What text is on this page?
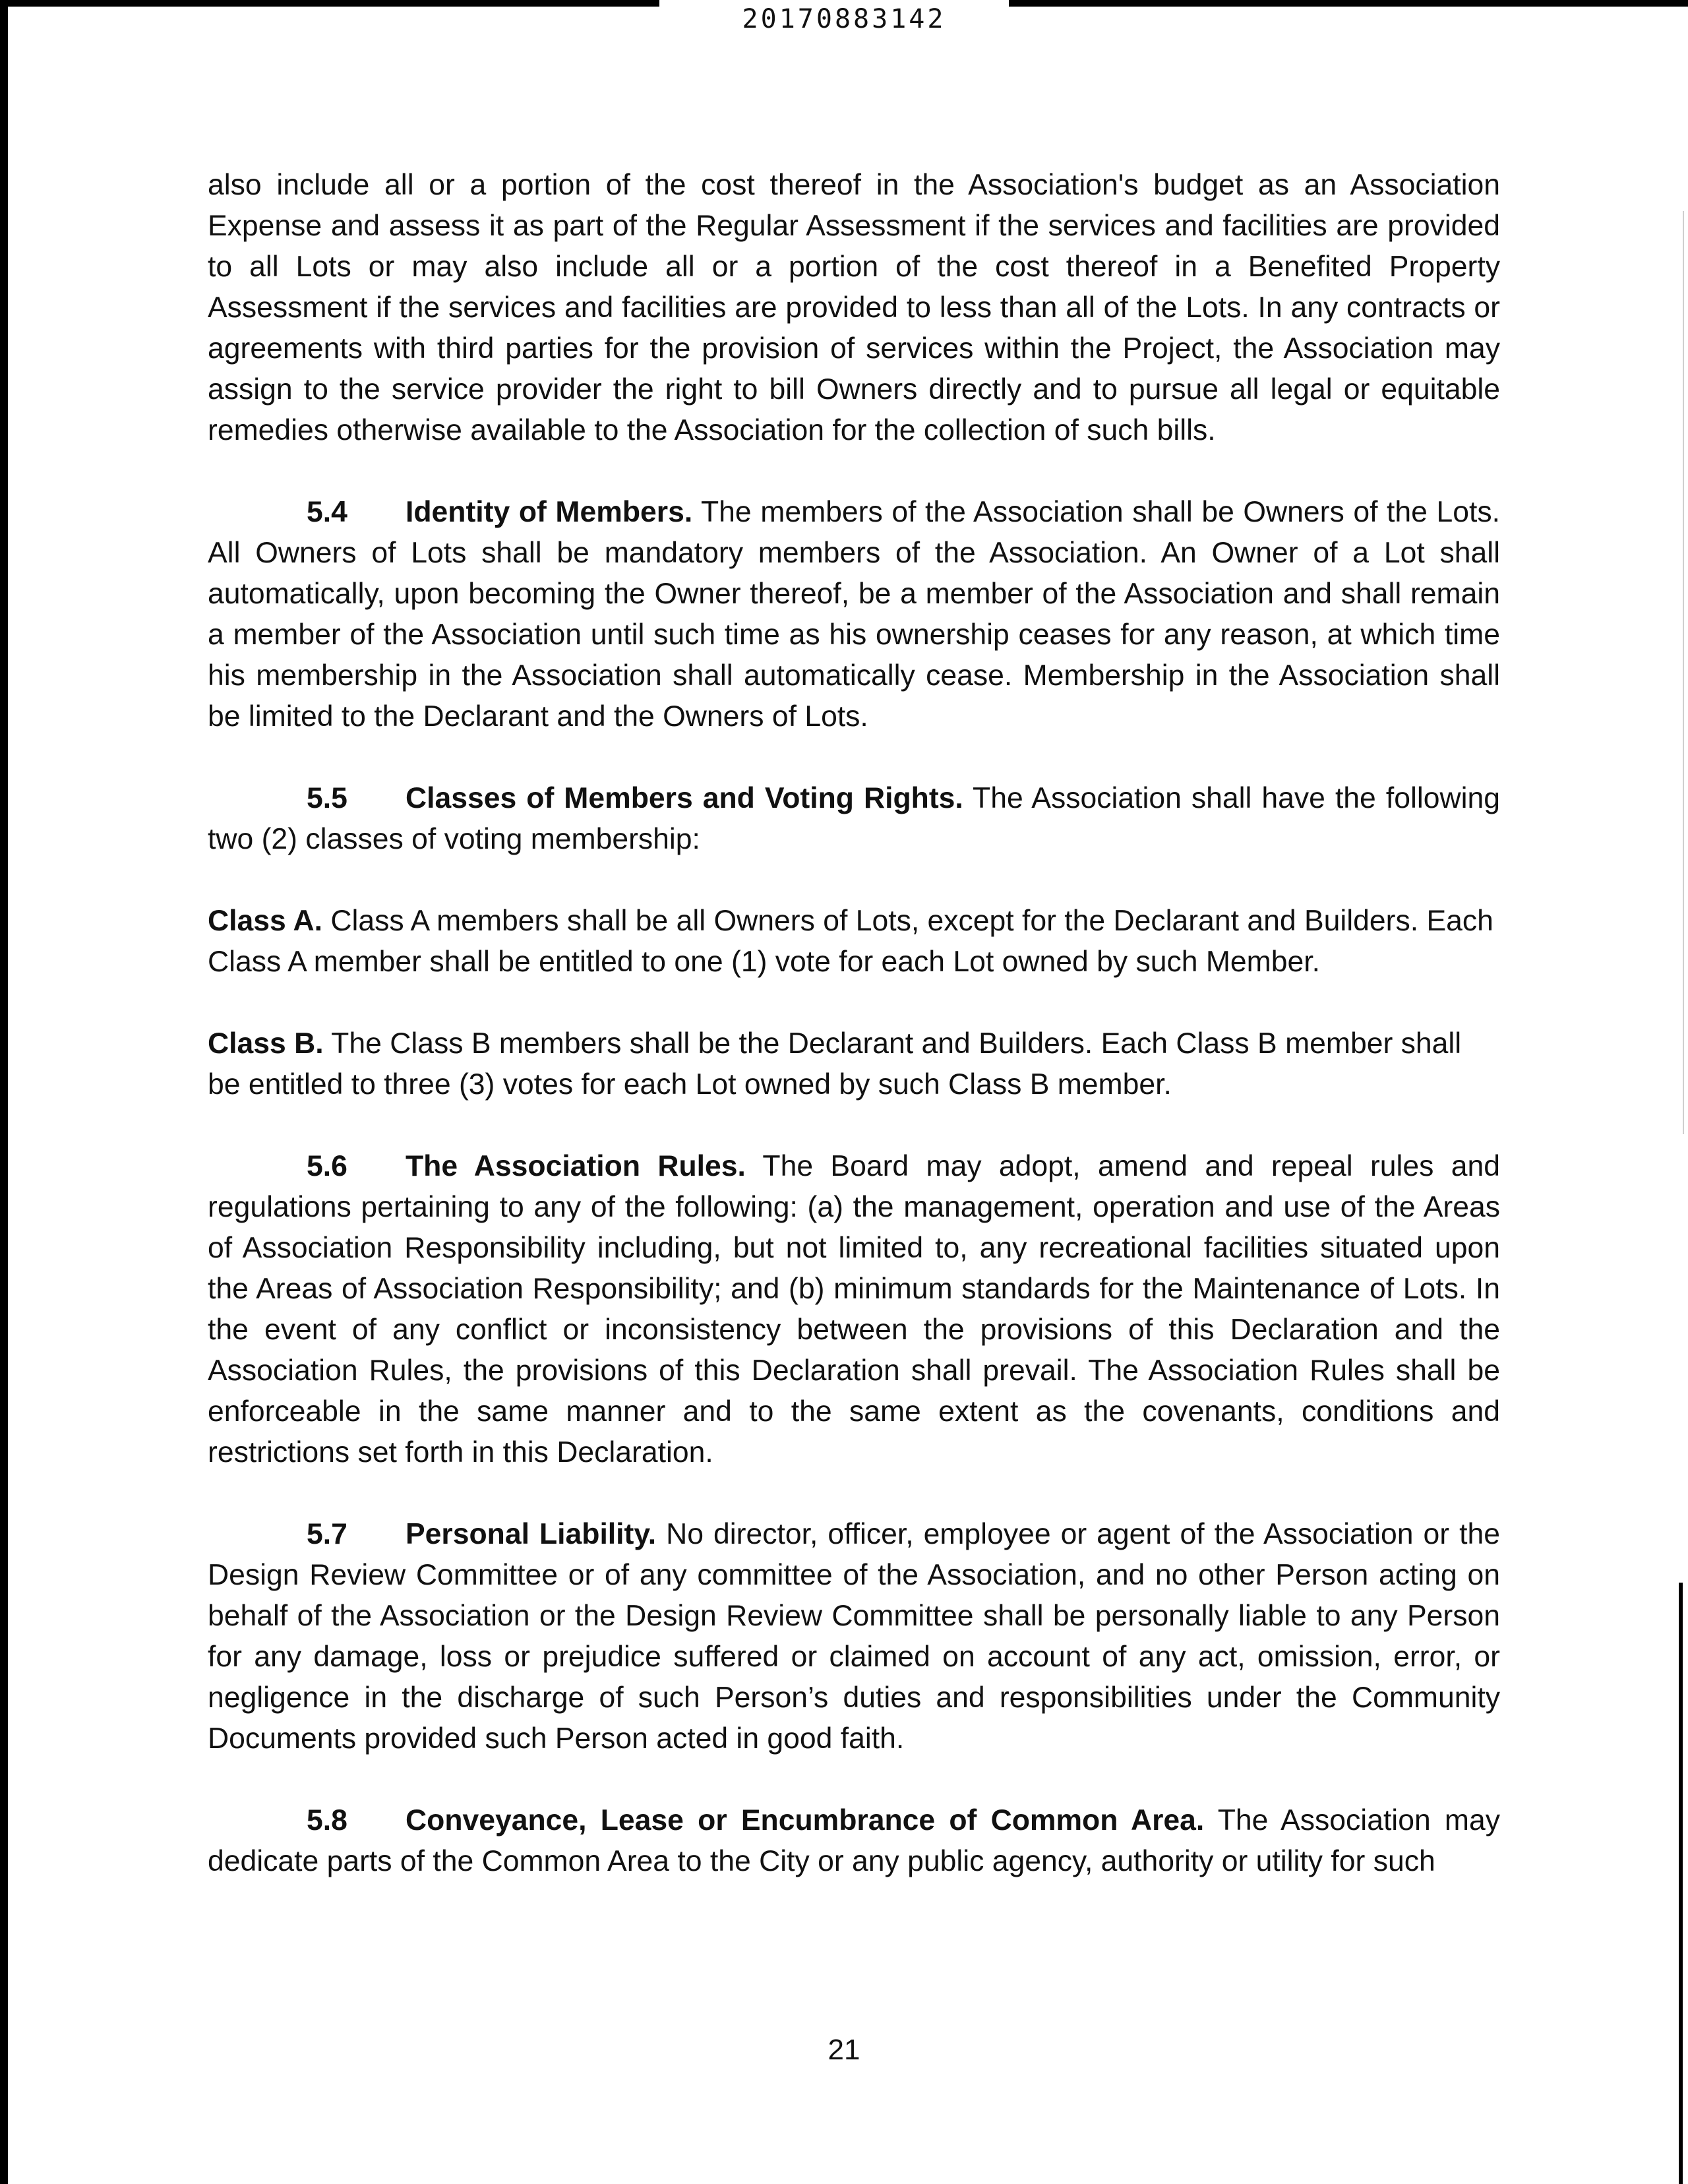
20170883142

also include all or a portion of the cost thereof in the Association's budget as an Association Expense and assess it as part of the Regular Assessment if the services and facilities are provided to all Lots or may also include all or a portion of the cost thereof in a Benefited Property Assessment if the services and facilities are provided to less than all of the Lots. In any contracts or agreements with third parties for the provision of services within the Project, the Association may assign to the service provider the right to bill Owners directly and to pursue all legal or equitable remedies otherwise available to the Association for the collection of such bills.

5.4 Identity of Members. The members of the Association shall be Owners of the Lots. All Owners of Lots shall be mandatory members of the Association. An Owner of a Lot shall automatically, upon becoming the Owner thereof, be a member of the Association and shall remain a member of the Association until such time as his ownership ceases for any reason, at which time his membership in the Association shall automatically cease. Membership in the Association shall be limited to the Declarant and the Owners of Lots.

5.5 Classes of Members and Voting Rights. The Association shall have the following two (2) classes of voting membership:

Class A. Class A members shall be all Owners of Lots, except for the Declarant and Builders. Each Class A member shall be entitled to one (1) vote for each Lot owned by such Member.

Class B. The Class B members shall be the Declarant and Builders. Each Class B member shall be entitled to three (3) votes for each Lot owned by such Class B member.

5.6 The Association Rules. The Board may adopt, amend and repeal rules and regulations pertaining to any of the following: (a) the management, operation and use of the Areas of Association Responsibility including, but not limited to, any recreational facilities situated upon the Areas of Association Responsibility; and (b) minimum standards for the Maintenance of Lots. In the event of any conflict or inconsistency between the provisions of this Declaration and the Association Rules, the provisions of this Declaration shall prevail. The Association Rules shall be enforceable in the same manner and to the same extent as the covenants, conditions and restrictions set forth in this Declaration.

5.7 Personal Liability. No director, officer, employee or agent of the Association or the Design Review Committee or of any committee of the Association, and no other Person acting on behalf of the Association or the Design Review Committee shall be personally liable to any Person for any damage, loss or prejudice suffered or claimed on account of any act, omission, error, or negligence in the discharge of such Person’s duties and responsibilities under the Community Documents provided such Person acted in good faith.

5.8 Conveyance, Lease or Encumbrance of Common Area. The Association may dedicate parts of the Common Area to the City or any public agency, authority or utility for such

21
